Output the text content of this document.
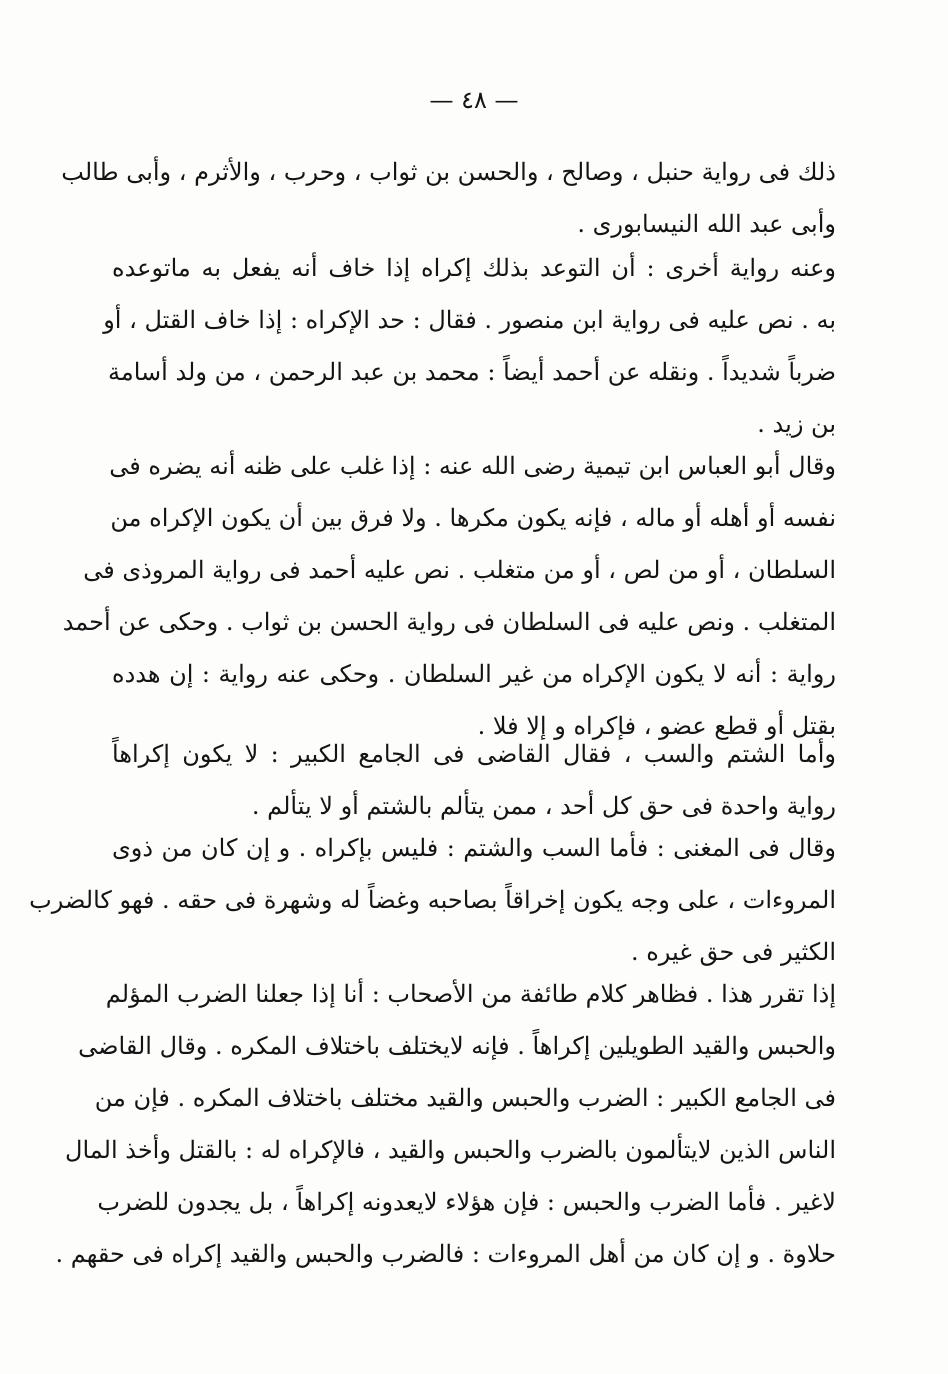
— ٤٨ —
ذلك فى رواية حنبل ، وصالح ، والحسن بن ثواب ، وحرب ، والأثرم ، وأبى طالب
وأبى عبد الله النيسابورى .
وعنه رواية أخرى : أن التوعد بذلك إكراه إذا خاف أنه يفعل به ماتوعده
به . نص عليه فى رواية ابن منصور . فقال : حد الإكراه : إذا خاف القتل ، أو
ضرباً شديداً . ونقله عن أحمد أيضاً : محمد بن عبد الرحمن ، من ولد أسامة
بن زيد .
وقال أبو العباس ابن تيمية رضى الله عنه : إذا غلب على ظنه أنه يضره فى
نفسه أو أهله أو ماله ، فإنه يكون مكرها . ولا فرق بين أن يكون الإكراه من
السلطان ، أو من لص ، أو من متغلب . نص عليه أحمد فى رواية المروذى فى
المتغلب . ونص عليه فى السلطان فى رواية الحسن بن ثواب . وحكى عن أحمد
رواية : أنه لا يكون الإكراه من غير السلطان . وحكى عنه رواية : إن هدده
بقتل أو قطع عضو ، فإكراه و إلا فلا .
وأما الشتم والسب ، فقال القاضى فى الجامع الكبير : لا يكون إكراهاً
رواية واحدة فى حق كل أحد ، ممن يتألم بالشتم أو لا يتألم .
وقال فى المغنى : فأما السب والشتم : فليس بإكراه . و إن كان من ذوى
المروءات ، على وجه يكون إخراقاً بصاحبه وغضاً له وشهرة فى حقه . فهو كالضرب
الكثير فى حق غيره .
إذا تقرر هذا . فظاهر كلام طائفة من الأصحاب : أنا إذا جعلنا الضرب المؤلم
والحبس والقيد الطويلين إكراهاً . فإنه لايختلف باختلاف المكره . وقال القاضى
فى الجامع الكبير : الضرب والحبس والقيد مختلف باختلاف المكره . فإن من
الناس الذين لايتألمون بالضرب والحبس والقيد ، فالإكراه له : بالقتل وأخذ المال
لاغير . فأما الضرب والحبس : فإن هؤلاء لايعدونه إكراهاً ، بل يجدون للضرب
حلاوة . و إن كان من أهل المروءات : فالضرب والحبس والقيد إكراه فى حقهم .
